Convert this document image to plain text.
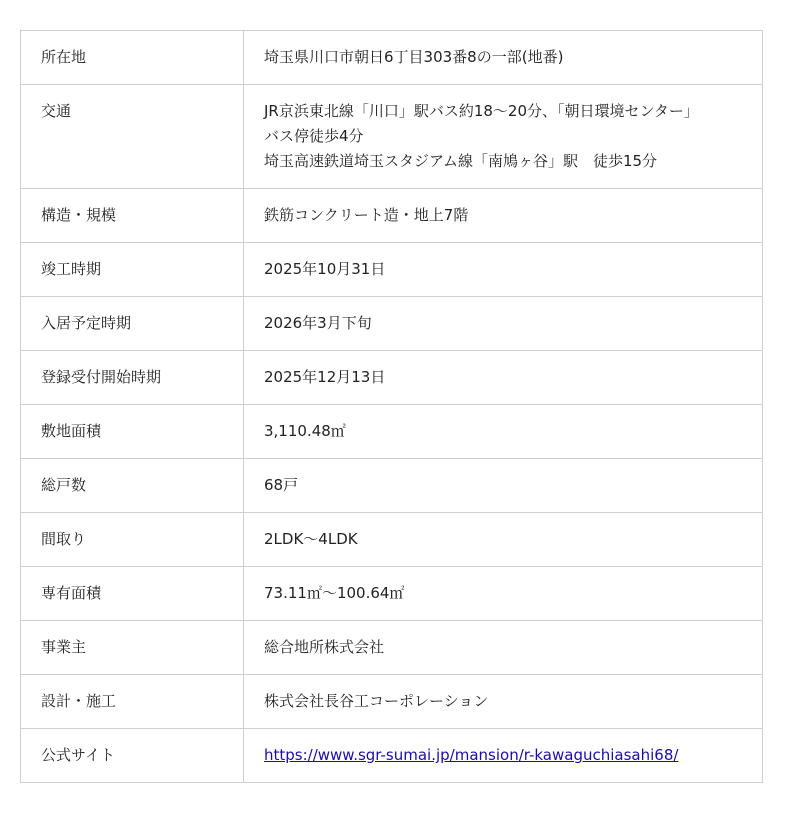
所在地	埼玉県川口市朝日6丁目303番8の一部(地番)
交通	JR京浜東北線「川口」駅バス約18～20分、「朝日環境センター」
バス停徒歩4分
埼玉高速鉄道埼玉スタジアム線「南鳩ヶ谷」駅　徒歩15分

構造・規模	鉄筋コンクリート造・地上7階
竣工時期	2025年10月31日
入居予定時期	2026年3月下旬
登録受付開始時期	2025年12月13日
敷地面積	3,110.48㎡
総戸数	68戸
間取り	2LDK～4LDK
専有面積	73.11㎡～100.64㎡
事業主	総合地所株式会社
設計・施工	株式会社長谷工コーポレーション
公式サイト	https://www.sgr-sumai.jp/mansion/r-kawaguchiasahi68/
